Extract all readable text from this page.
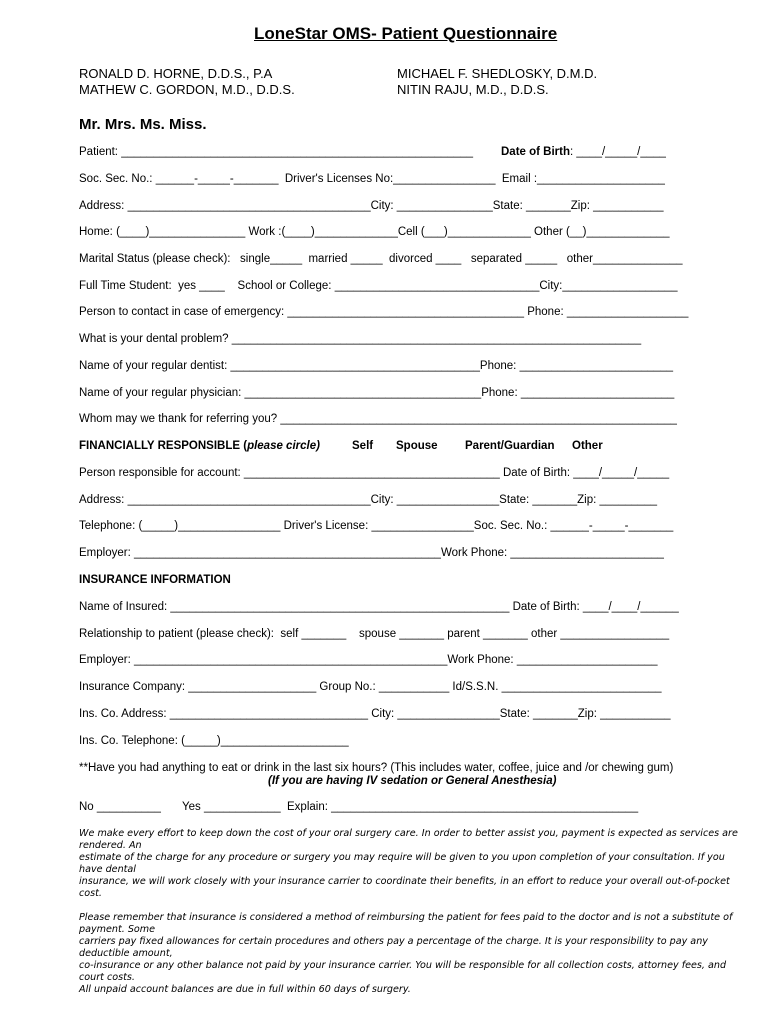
LoneStar OMS- Patient Questionnaire
RONALD D. HORNE, D.D.S., P.A
MATHEW C. GORDON, M.D., D.D.S.
MICHAEL F. SHEDLOSKY, D.M.D.
NITIN RAJU, M.D., D.D.S.
Mr. Mrs. Ms. Miss.
Patient: _______________________________________________________ Date of Birth: ____/_____/____
Soc. Sec. No.: ______-_____-_______  Driver's Licenses No:________________  Email :____________________
Address: ______________________________________City: _______________State: _______Zip: ___________
Home: (____)_______________ Work :(____)_____________Cell (___)_____________ Other (__)_____________
Marital Status (please check):   single_____  married _____  divorced ____   separated _____   other______________
Full Time Student:  yes ____    School or College: ________________________________City:__________________
Person to contact in case of emergency: _____________________________________ Phone: ___________________
What is your dental problem? ________________________________________________________________
Name of your regular dentist: _______________________________________Phone: ________________________
Name of your regular physician: _____________________________________Phone: ________________________
Whom may we thank for referring you? ______________________________________________________________
FINANCIALLY RESPONSIBLE (please circle)	Self Spouse Parent/Guardian Other
Person responsible for account: ________________________________________ Date of Birth: ____/_____/_____
Address: ______________________________________City: ________________State: _______Zip: _________
Telephone: (_____)________________ Driver's License: ________________Soc. Sec. No.: ______-_____-_______
Employer: ________________________________________________Work Phone: ________________________
INSURANCE INFORMATION
Name of Insured: _____________________________________________________ Date of Birth: ____/____/______
Relationship to patient (please check):  self _______    spouse _______ parent _______ other _________________
Employer: _________________________________________________Work Phone: ______________________
Insurance Company: ____________________ Group No.: ___________ Id/S.S.N. _________________________
Ins. Co. Address: _______________________________ City: ________________State: _______Zip: ___________
Ins. Co. Telephone: (_____)____________________
**Have you had anything to eat or drink in the last six hours? (This includes water, coffee, juice and /or chewing gum)
(If you are having IV sedation or General Anesthesia)
No __________ Yes ____________ Explain: ________________________________________________
We make every effort to keep down the cost of your oral surgery care. In order to better assist you, payment is expected as services are rendered. An
estimate of the charge for any procedure or surgery you may require will be given to you upon completion of your consultation. If you have dental
insurance, we will work closely with your insurance carrier to coordinate their benefits, in an effort to reduce your overall out-of-pocket cost.
Please remember that insurance is considered a method of reimbursing the patient for fees paid to the doctor and is not a substitute of payment. Some
carriers pay fixed allowances for certain procedures and others pay a percentage of the charge. It is your responsibility to pay any deductible amount,
co-insurance or any other balance not paid by your insurance carrier. You will be responsible for all collection costs, attorney fees, and court costs.
All unpaid account balances are due in full within 60 days of surgery.
